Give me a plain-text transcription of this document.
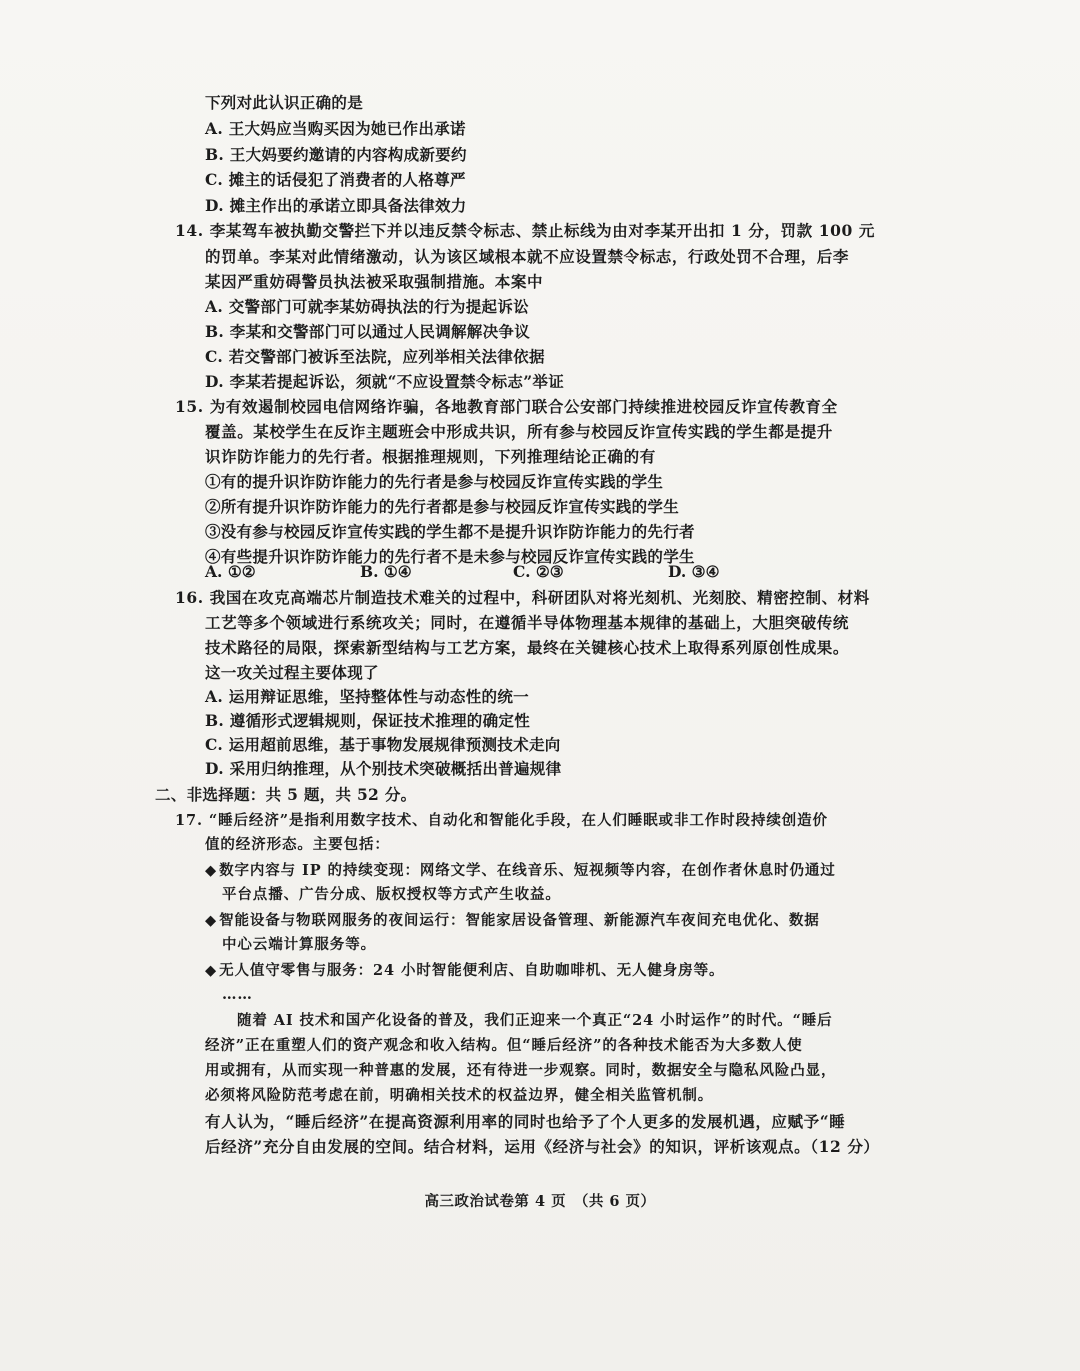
下列对此认识正确的是
A. 王大妈应当购买因为她已作出承诺
B. 王大妈要约邀请的内容构成新要约
C. 摊主的话侵犯了消费者的人格尊严
D. 摊主作出的承诺立即具备法律效力
14. 李某驾车被执勤交警拦下并以违反禁令标志、禁止标线为由对李某开出扣 1 分，罚款 100 元
的罚单。李某对此情绪激动，认为该区域根本就不应设置禁令标志，行政处罚不合理，后李
某因严重妨碍警员执法被采取强制措施。本案中
A. 交警部门可就李某妨碍执法的行为提起诉讼
B. 李某和交警部门可以通过人民调解解决争议
C. 若交警部门被诉至法院，应列举相关法律依据
D. 李某若提起诉讼，须就“不应设置禁令标志”举证
15. 为有效遏制校园电信网络诈骗，各地教育部门联合公安部门持续推进校园反诈宣传教育全
覆盖。某校学生在反诈主题班会中形成共识，所有参与校园反诈宣传实践的学生都是提升
识诈防诈能力的先行者。根据推理规则，下列推理结论正确的有
①有的提升识诈防诈能力的先行者是参与校园反诈宣传实践的学生
②所有提升识诈防诈能力的先行者都是参与校园反诈宣传实践的学生
③没有参与校园反诈宣传实践的学生都不是提升识诈防诈能力的先行者
④有些提升识诈防诈能力的先行者不是未参与校园反诈宣传实践的学生
A. ①②	B. ①④	C. ②③	D. ③④
16. 我国在攻克高端芯片制造技术难关的过程中，科研团队对将光刻机、光刻胶、精密控制、材料
工艺等多个领域进行系统攻关；同时，在遵循半导体物理基本规律的基础上，大胆突破传统
技术路径的局限，探索新型结构与工艺方案，最终在关键核心技术上取得系列原创性成果。
这一攻关过程主要体现了
A. 运用辩证思维，坚持整体性与动态性的统一
B. 遵循形式逻辑规则，保证技术推理的确定性
C. 运用超前思维，基于事物发展规律预测技术走向
D. 采用归纳推理，从个别技术突破概括出普遍规律
二、非选择题：共 5 题，共 52 分。
17. “睡后经济”是指利用数字技术、自动化和智能化手段，在人们睡眠或非工作时段持续创造价
值的经济形态。主要包括：
◆ 数字内容与 IP 的持续变现：网络文学、在线音乐、短视频等内容，在创作者休息时仍通过
平台点播、广告分成、版权授权等方式产生收益。
◆ 智能设备与物联网服务的夜间运行：智能家居设备管理、新能源汽车夜间充电优化、数据
中心云端计算服务等。
◆ 无人值守零售与服务：24 小时智能便利店、自助咖啡机、无人健身房等。
……
随着 AI 技术和国产化设备的普及，我们正迎来一个真正“24 小时运作”的时代。“睡后
经济”正在重塑人们的资产观念和收入结构。但“睡后经济”的各种技术能否为大多数人使
用或拥有，从而实现一种普惠的发展，还有待进一步观察。同时，数据安全与隐私风险凸显，
必须将风险防范考虑在前，明确相关技术的权益边界，健全相关监管机制。
有人认为，“睡后经济”在提高资源利用率的同时也给予了个人更多的发展机遇，应赋予“睡
后经济”充分自由发展的空间。结合材料，运用《经济与社会》的知识，评析该观点。（12 分）
高三政治试卷第 4 页　（共 6 页）
